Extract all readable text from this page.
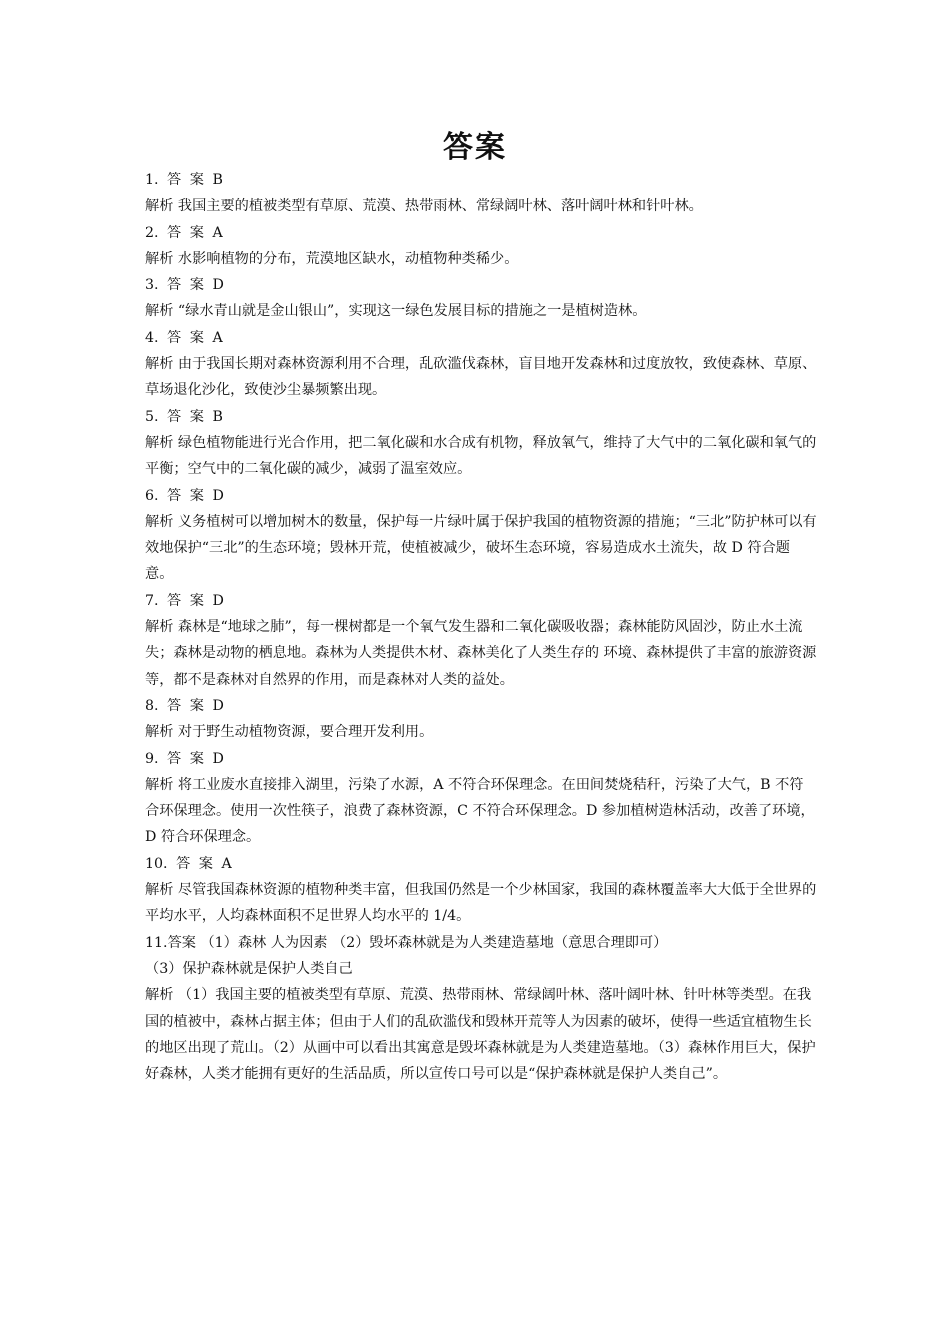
答案

1. 答 案 B

解析 我国主要的植被类型有草原、荒漠、热带雨林、常绿阔叶林、落叶阔叶林和针叶林。

2. 答 案 A

解析 水影响植物的分布，荒漠地区缺水，动植物种类稀少。

3. 答 案 D

解析 “绿水青山就是金山银山”，实现这一绿色发展目标的措施之一是植树造林。

4. 答 案 A

解析 由于我国长期对森林资源利用不合理，乱砍滥伐森林，盲目地开发森林和过度放牧，致使森林、草原、草场退化沙化，致使沙尘暴频繁出现。

5. 答 案 B

解析 绿色植物能进行光合作用，把二氧化碳和水合成有机物，释放氧气，维持了大气中的二氧化碳和氧气的平衡；空气中的二氧化碳的减少，减弱了温室效应。

6. 答 案 D

解析 义务植树可以增加树木的数量，保护每一片绿叶属于保护我国的植物资源的措施；“三北”防护林可以有效地保护“三北”的生态环境；毁林开荒，使植被减少，破坏生态环境，容易造成水土流失，故 D 符合题意。

7. 答 案 D

解析 森林是“地球之肺”，每一棵树都是一个氧气发生器和二氧化碳吸收器；森林能防风固沙，防止水土流失；森林是动物的栖息地。森林为人类提供木材、森林美化了人类生存的 环境、森林提供了丰富的旅游资源等，都不是森林对自然界的作用，而是森林对人类的益处。

8. 答 案 D

解析 对于野生动植物资源，要合理开发利用。

9. 答 案 D

解析 将工业废水直接排入湖里，污染了水源，A 不符合环保理念。在田间焚烧秸秆，污染了大气，B 不符合环保理念。使用一次性筷子，浪费了森林资源，C 不符合环保理念。D 参加植树造林活动，改善了环境，D 符合环保理念。

10. 答 案 A

解析 尽管我国森林资源的植物种类丰富，但我国仍然是一个少林国家，我国的森林覆盖率大大低于全世界的平均水平，人均森林面积不足世界人均水平的 1/4。

11.答案 （1）森林 人为因素 （2）毁坏森林就是为人类建造墓地（意思合理即可）

（3）保护森林就是保护人类自己

解析 （1）我国主要的植被类型有草原、荒漠、热带雨林、常绿阔叶林、落叶阔叶林、针叶林等类型。在我国的植被中，森林占据主体；但由于人们的乱砍滥伐和毁林开荒等人为因素的破坏，使得一些适宜植物生长的地区出现了荒山。（2）从画中可以看出其寓意是毁坏森林就是为人类建造墓地。（3）森林作用巨大，保护好森林，人类才能拥有更好的生活品质，所以宣传口号可以是“保护森林就是保护人类自己”。
